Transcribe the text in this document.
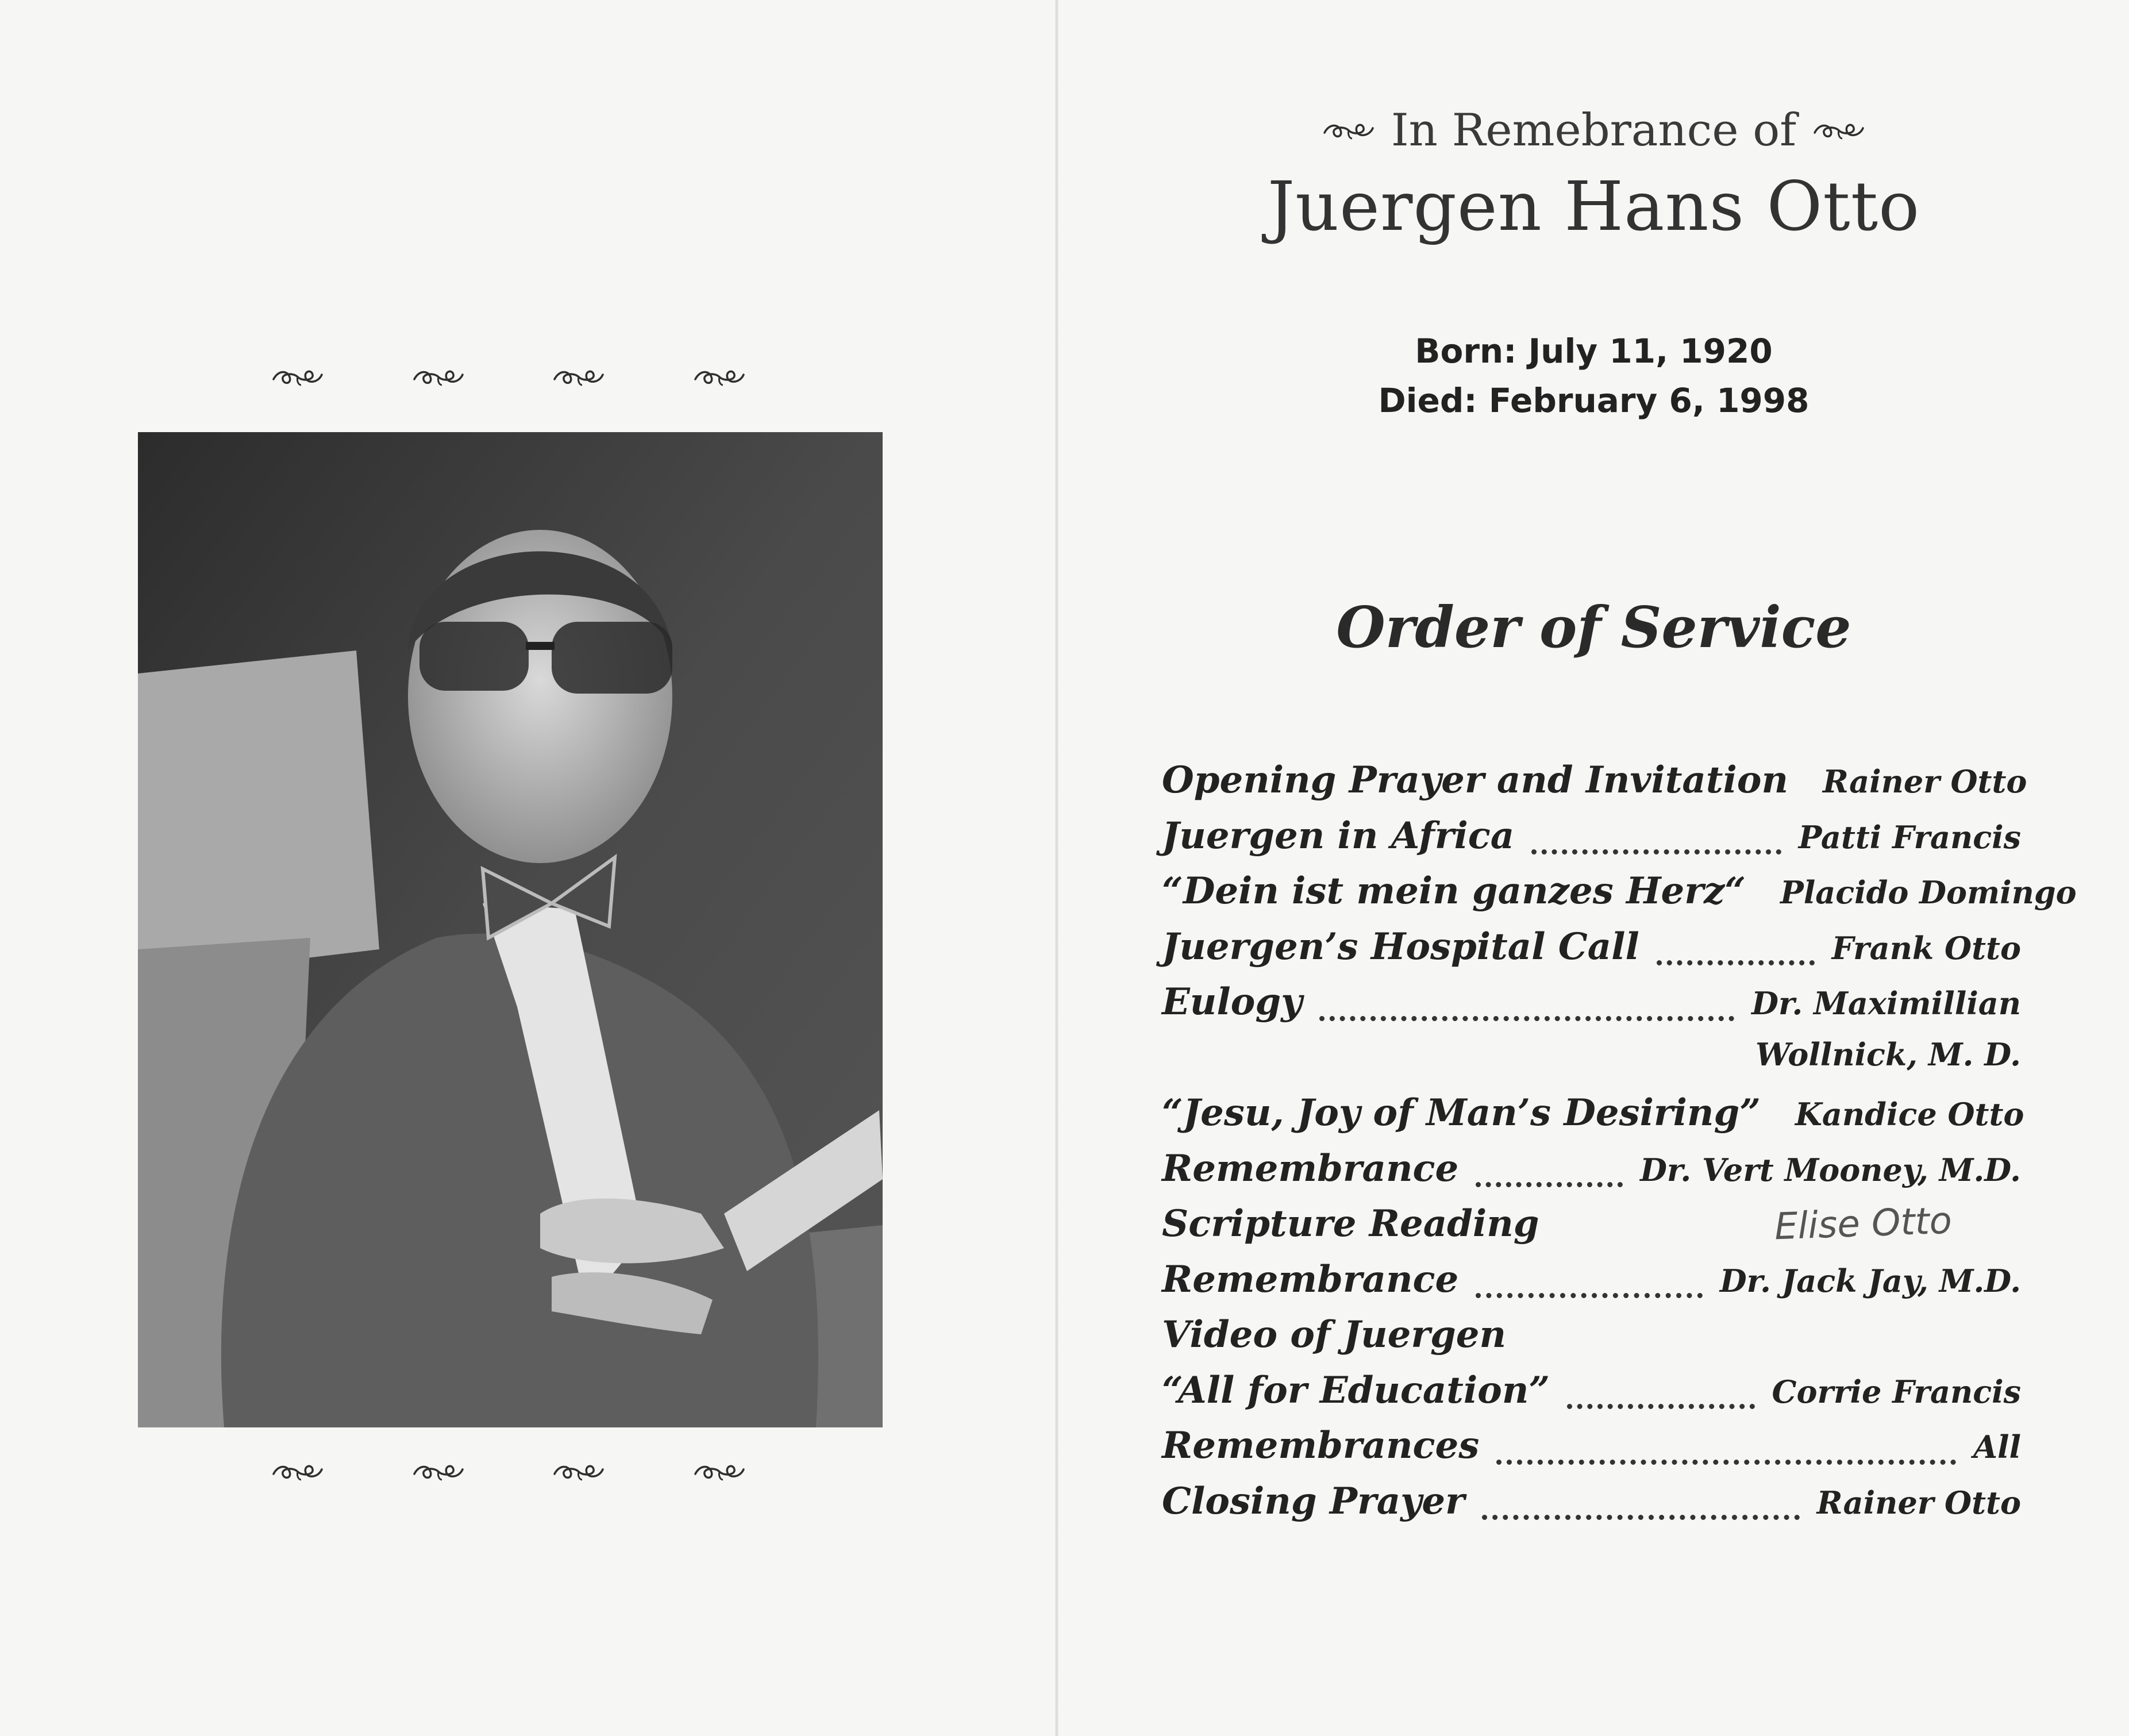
In Remebrance of
Juergen Hans Otto
Born: July 11, 1920
Died: February 6, 1998
Order of Service
Opening Prayer and Invitation Rainer Otto
Juergen in Africa	Patti Francis
“Dein ist mein ganzes Herz“ Placido Domingo
Juergen’s Hospital Call	Frank Otto
Eulogy	Dr. Maximillian
Wollnick, M. D.
“Jesu, Joy of Man’s Desiring” Kandice Otto
Remembrance	Dr. Vert Mooney, M.D.
Scripture Reading	Elise Otto
Remembrance	Dr. Jack Jay, M.D.
Video of Juergen
“All for Education”	Corrie Francis
Remembrances	All
Closing Prayer	Rainer Otto
